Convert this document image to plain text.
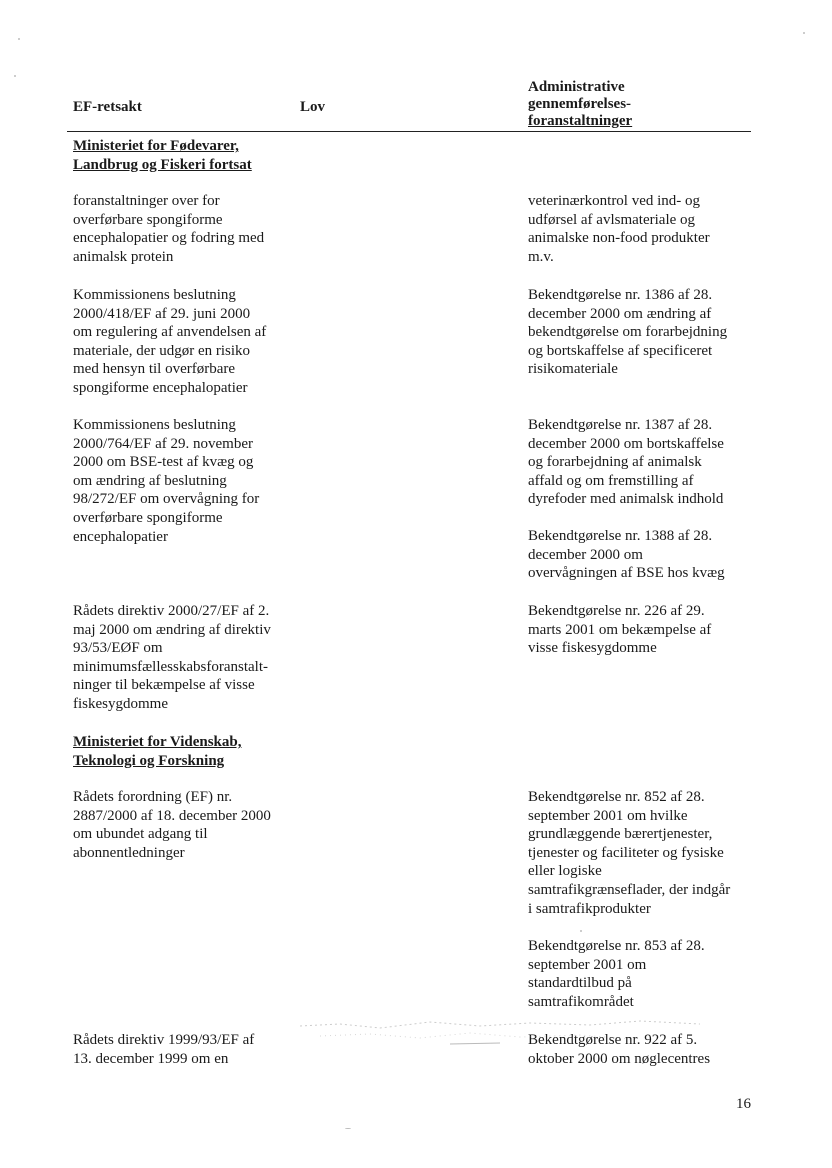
EF-retsakt	Lov
Administrative
gennemførelses-
foranstaltninger
Ministeriet for Fødevarer,
Landbrug og Fiskeri fortsat
foranstaltninger over for
overførbare spongiforme
encephalopatier og fodring med
animalsk protein
Kommissionens beslutning
2000/418/EF af 29. juni 2000
om regulering af anvendelsen af
materiale, der udgør en risiko
med hensyn til overførbare
spongiforme encephalopatier
Kommissionens beslutning
2000/764/EF af 29. november
2000 om BSE-test af kvæg og
om ændring af beslutning
98/272/EF om overvågning for
overførbare spongiforme
encephalopatier
Rådets direktiv 2000/27/EF af 2.
maj 2000 om ændring af direktiv
93/53/EØF om
minimumsfællesskabsforanstalt-
ninger til bekæmpelse af visse
fiskesygdomme
Ministeriet for Videnskab,
Teknologi og Forskning
Rådets forordning (EF) nr.
2887/2000 af 18. december 2000
om ubundet adgang til
abonnentledninger
Rådets direktiv 1999/93/EF af
13. december 1999 om en
veterinærkontrol ved ind- og
udførsel af avlsmateriale og
animalske non-food produkter
m.v.
Bekendtgørelse nr. 1386 af 28.
december 2000 om ændring af
bekendtgørelse om forarbejdning
og bortskaffelse af specificeret
risikomateriale
Bekendtgørelse nr. 1387 af 28.
december 2000 om bortskaffelse
og forarbejdning af animalsk
affald og om fremstilling af
dyrefoder med animalsk indhold
Bekendtgørelse nr. 1388 af 28.
december 2000 om
overvågningen af BSE hos kvæg
Bekendtgørelse nr. 226 af 29.
marts 2001 om bekæmpelse af
visse fiskesygdomme
Bekendtgørelse nr. 852 af 28.
september 2001 om hvilke
grundlæggende bærertjenester,
tjenester og faciliteter og fysiske
eller logiske
samtrafikgrænseflader, der indgår
i samtrafikprodukter
Bekendtgørelse nr. 853 af 28.
september 2001 om
standardtilbud på
samtrafikområdet
Bekendtgørelse nr. 922 af 5.
oktober 2000 om nøglecentres
16
